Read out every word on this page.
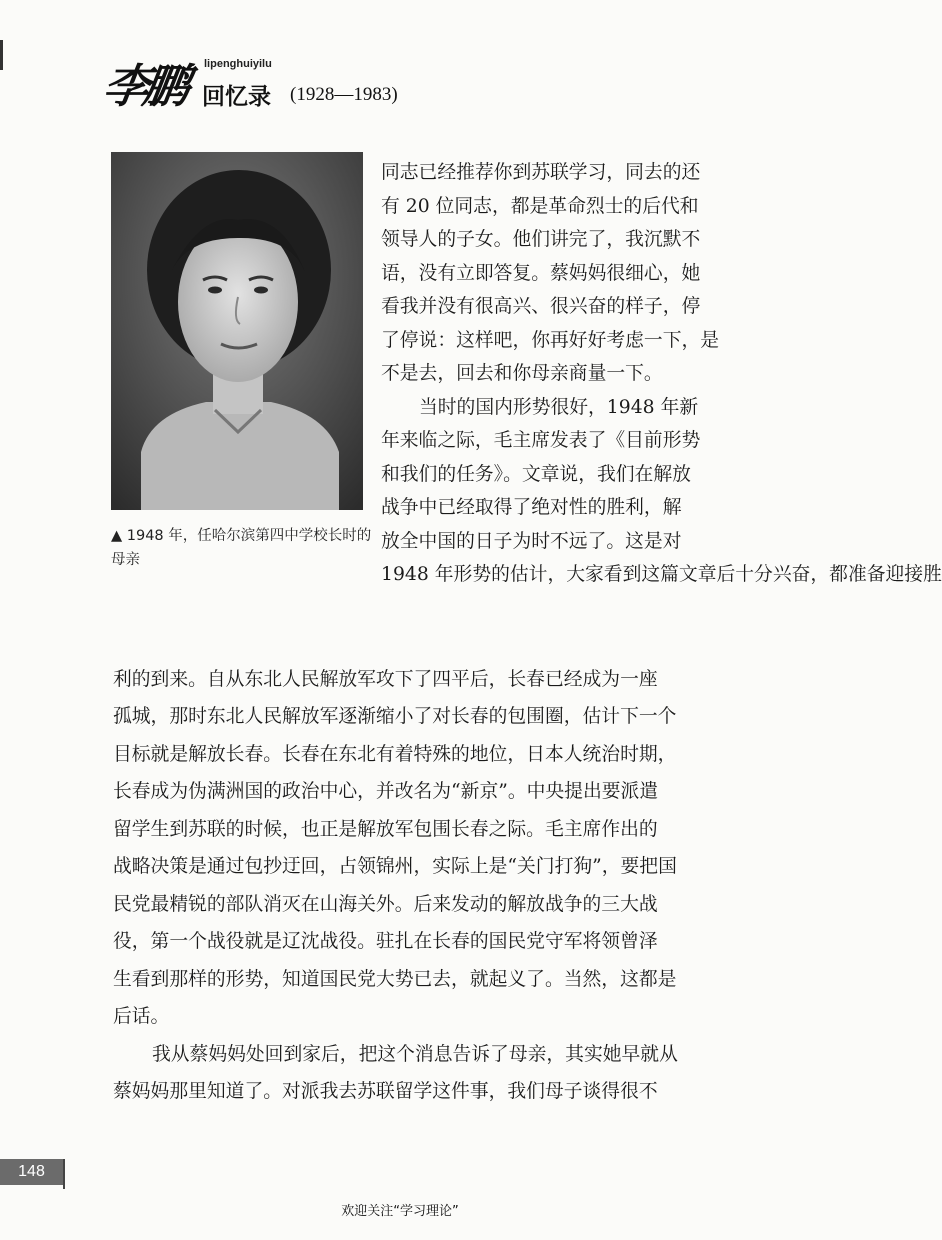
李鹏 lipenghuiyilu
回忆录 (1928—1983)
▲ 1948 年，任哈尔滨第四中学校长时的母亲
同志已经推荐你到苏联学习，同去的还
有 20 位同志，都是革命烈士的后代和
领导人的子女。他们讲完了，我沉默不
语，没有立即答复。蔡妈妈很细心，她
看我并没有很高兴、很兴奋的样子，停
了停说：这样吧，你再好好考虑一下，是
不是去，回去和你母亲商量一下。
当时的国内形势很好，1948 年新
年来临之际，毛主席发表了《目前形势
和我们的任务》。文章说，我们在解放
战争中已经取得了绝对性的胜利，解
放全中国的日子为时不远了。这是对
1948 年形势的估计，大家看到这篇文章后十分兴奋，都准备迎接胜
利的到来。自从东北人民解放军攻下了四平后，长春已经成为一座
孤城，那时东北人民解放军逐渐缩小了对长春的包围圈，估计下一个
目标就是解放长春。长春在东北有着特殊的地位，日本人统治时期，
长春成为伪满洲国的政治中心，并改名为“新京”。中央提出要派遣
留学生到苏联的时候，也正是解放军包围长春之际。毛主席作出的
战略决策是通过包抄迂回，占领锦州，实际上是“关门打狗”，要把国
民党最精锐的部队消灭在山海关外。后来发动的解放战争的三大战
役，第一个战役就是辽沈战役。驻扎在长春的国民党守军将领曾泽
生看到那样的形势，知道国民党大势已去，就起义了。当然，这都是
后话。
我从蔡妈妈处回到家后，把这个消息告诉了母亲，其实她早就从
蔡妈妈那里知道了。对派我去苏联留学这件事，我们母子谈得很不
148
欢迎关注“学习理论”
